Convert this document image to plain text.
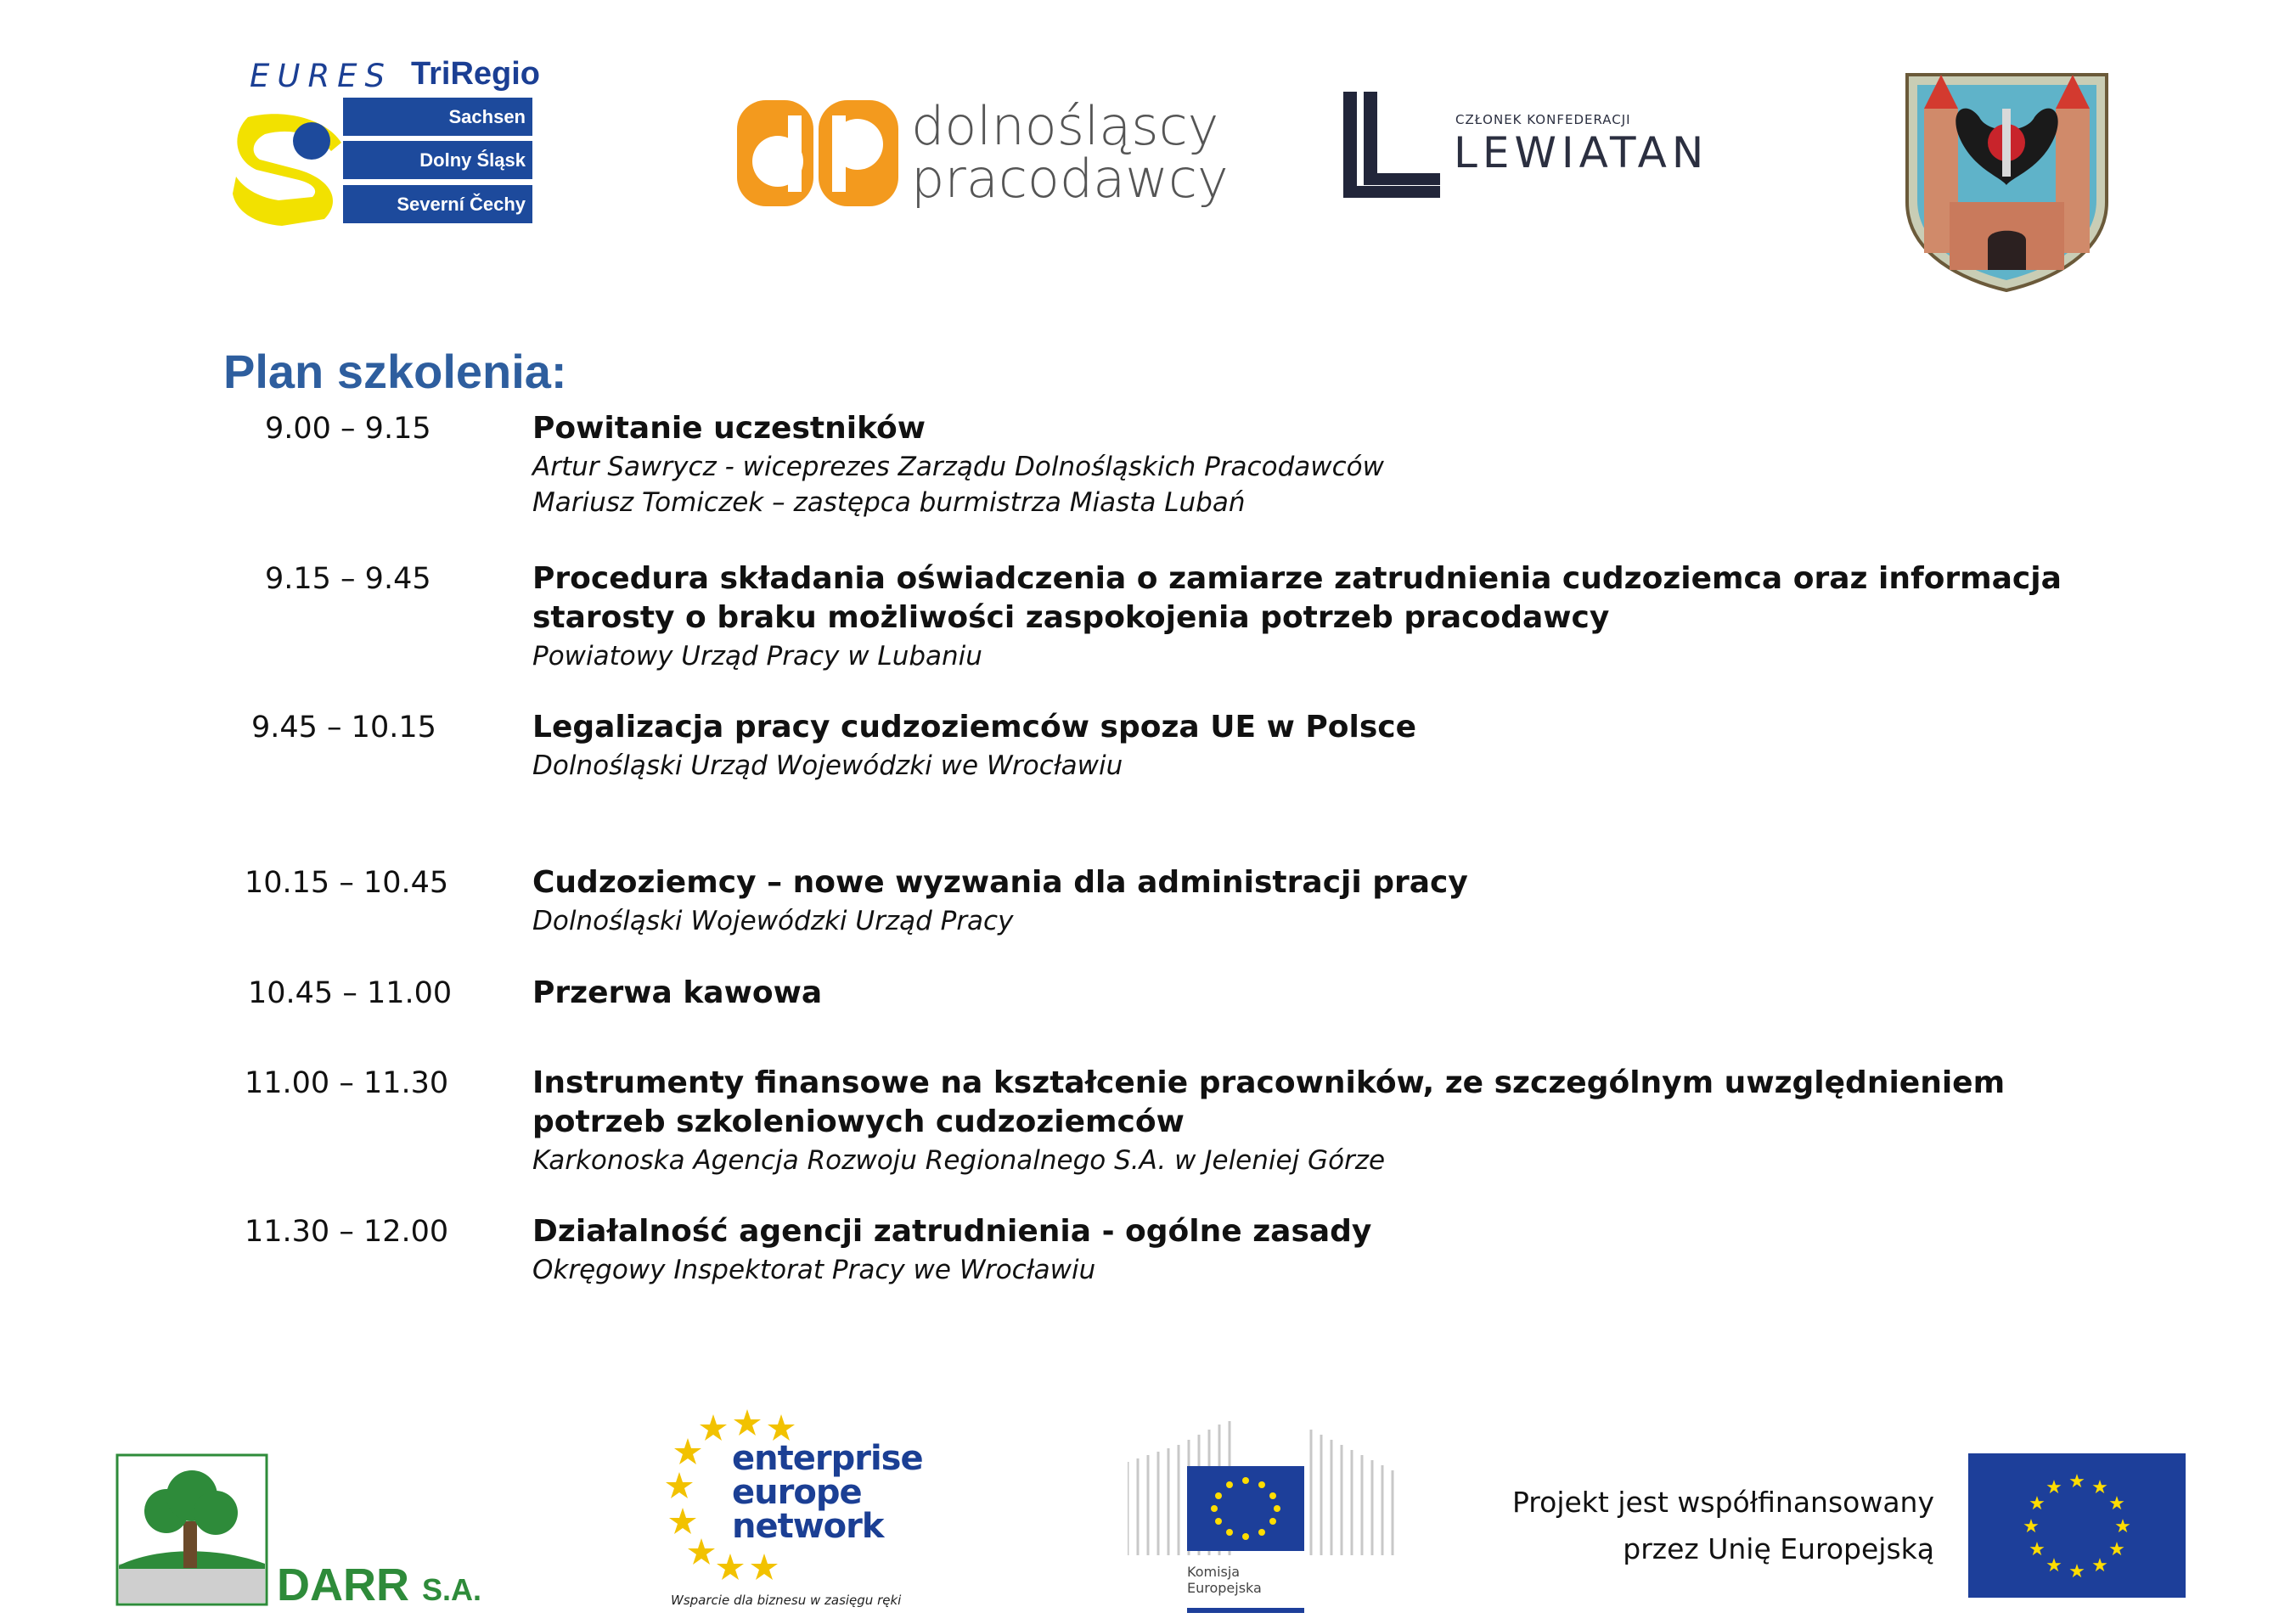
EURES TriRegio
Sachsen
Dolny Śląsk
Severní Čechy
dolnośląscy
pracodawcy
CZŁONEK KONFEDERACJI
LEWIATAN
Plan szkolenia:
9.00 – 9.15	Powitanie uczestników
Artur Sawrycz - wiceprezes Zarządu Dolnośląskich Pracodawców
Mariusz Tomiczek – zastępca burmistrza Miasta Lubań
9.15 – 9.45	Procedura składania oświadczenia o zamiarze zatrudnienia cudzoziemca oraz informacja starosty o braku możliwości zaspokojenia potrzeb pracodawcy
Powiatowy Urząd Pracy w Lubaniu
9.45 – 10.15	Legalizacja pracy cudzoziemców spoza UE w Polsce
Dolnośląski Urząd Wojewódzki we Wrocławiu
10.15 – 10.45	Cudzoziemcy – nowe wyzwania dla administracji pracy
Dolnośląski Wojewódzki Urząd Pracy
10.45 – 11.00	Przerwa kawowa
11.00 – 11.30	Instrumenty finansowe na kształcenie pracowników, ze szczególnym uwzględnieniem potrzeb szkoleniowych cudzoziemców
Karkonoska Agencja Rozwoju Regionalnego S.A. w Jeleniej Górze
11.30 – 12.00	Działalność agencji zatrudnienia - ogólne zasady
Okręgowy Inspektorat Pracy we Wrocławiu
DARR S.A.
enterprise
europe
network
Wsparcie dla biznesu w zasięgu ręki
Komisja
Europejska
Projekt jest współfinansowany
przez Unię Europejską
★ ★
★
★
★
★
★
★
★
★
★
★
